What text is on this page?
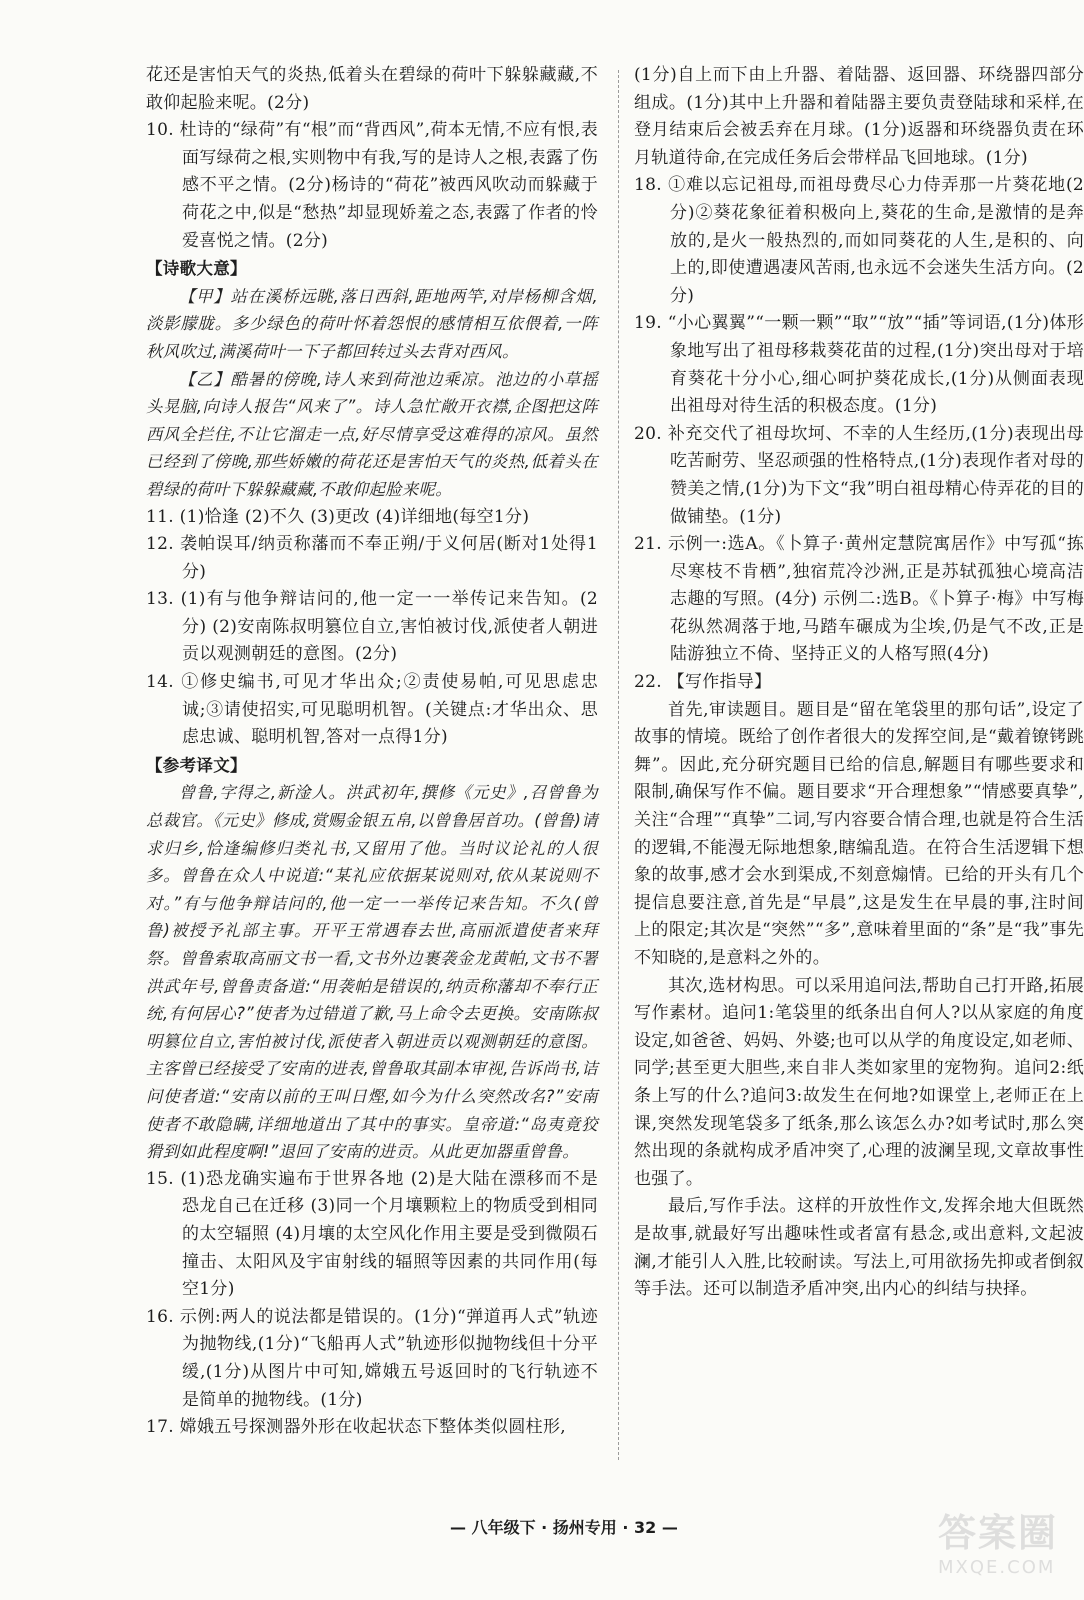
花还是害怕天气的炎热,低着头在碧绿的荷叶下躲躲藏藏,不敢仰起脸来呢。(2分)

10. 杜诗的“绿荷”有“根”而“背西风”,荷本无情,不应有恨,表面写绿荷之根,实则物中有我,写的是诗人之根,表露了伤感不平之情。(2分)杨诗的“荷花”被西风吹动而躲藏于荷花之中,似是“愁热”却显现娇羞之态,表露了作者的怜爱喜悦之情。(2分)

【诗歌大意】

【甲】站在溪桥远眺,落日西斜,距地两竿,对岸杨柳含烟,淡影朦胧。多少绿色的荷叶怀着怨恨的感情相互依偎着,一阵秋风吹过,满溪荷叶一下子都回转过头去背对西风。

【乙】酷暑的傍晚,诗人来到荷池边乘凉。池边的小草摇头晃脑,向诗人报告“风来了”。诗人急忙敞开衣襟,企图把这阵西风全拦住,不让它溜走一点,好尽情享受这难得的凉风。虽然已经到了傍晚,那些娇嫩的荷花还是害怕天气的炎热,低着头在碧绿的荷叶下躲躲藏藏,不敢仰起脸来呢。

11. (1)恰逢 (2)不久 (3)更改 (4)详细地(每空1分)

12. 袭帕误耳/纳贡称藩而不奉正朔/于义何居(断对1处得1分)

13. (1)有与他争辩诘问的,他一定一一举传记来告知。(2分) (2)安南陈叔明篡位自立,害怕被讨伐,派使者人朝进贡以观测朝廷的意图。(2分)

14. ①修史编书,可见才华出众;②责使易帕,可见思虑忠诚;③请使招实,可见聪明机智。(关键点:才华出众、思虑忠诚、聪明机智,答对一点得1分)

【参考译文】

曾鲁,字得之,新淦人。洪武初年,撰修《元史》,召曾鲁为总裁官。《元史》修成,赏赐金银五帛,以曾鲁居首功。(曾鲁)请求归乡,恰逢编修归类礼书,又留用了他。当时议论礼的人很多。曾鲁在众人中说道:“某礼应依据某说则对,依从某说则不对。”有与他争辩诘问的,他一定一一举传记来告知。不久(曾鲁)被授予礼部主事。开平王常遇春去世,高丽派遣使者来拜祭。曾鲁索取高丽文书一看,文书外边裹袭金龙黄帕,文书不署洪武年号,曾鲁责备道:“用袭帕是错误的,纳贡称藩却不奉行正统,有何居心?”使者为过错道了歉,马上命令去更换。安南陈叔明篡位自立,害怕被讨伐,派使者入朝进贡以观测朝廷的意图。主客曾已经接受了安南的进表,曾鲁取其副本审视,告诉尚书,诘问使者道:“安南以前的王叫日熞,如今为什么突然改名?”安南使者不敢隐瞒,详细地道出了其中的事实。皇帝道:“岛夷竟狡猾到如此程度啊!”退回了安南的进贡。从此更加器重曾鲁。

15. (1)恐龙确实遍布于世界各地 (2)是大陆在漂移而不是恐龙自己在迁移 (3)同一个月壤颗粒上的物质受到相同的太空辐照 (4)月壤的太空风化作用主要是受到微陨石撞击、太阳风及宇宙射线的辐照等因素的共同作用(每空1分)

16. 示例:两人的说法都是错误的。(1分)“弹道再人式”轨迹为抛物线,(1分)“飞船再人式”轨迹形似抛物线但十分平缓,(1分)从图片中可知,嫦娥五号返回时的飞行轨迹不是简单的抛物线。(1分)

17. 嫦娥五号探测器外形在收起状态下整体类似圆柱形,

(1分)自上而下由上升器、着陆器、返回器、环绕器四部分组成。(1分)其中上升器和着陆器主要负责登陆球和采样,在登月结束后会被丢弃在月球。(1分)返器和环绕器负责在环月轨道待命,在完成任务后会带样品飞回地球。(1分)

18. ①难以忘记祖母,而祖母费尽心力侍弄那一片葵花地(2分)②葵花象征着积极向上,葵花的生命,是激情的是奔放的,是火一般热烈的,而如同葵花的人生,是积的、向上的,即使遭遇凄风苦雨,也永远不会迷失生活方向。(2分)

19. “小心翼翼”“一颗一颗”“取”“放”“插”等词语,(1分)体形象地写出了祖母移栽葵花苗的过程,(1分)突出母对于培育葵花十分小心,细心呵护葵花成长,(1分)从侧面表现出祖母对待生活的积极态度。(1分)

20. 补充交代了祖母坎坷、不幸的人生经历,(1分)表现出母吃苦耐劳、坚忍顽强的性格特点,(1分)表现作者对母的赞美之情,(1分)为下文“我”明白祖母精心侍弄花的目的做铺垫。(1分)

21. 示例一:选A。《卜算子·黄州定慧院寓居作》中写孤“拣尽寒枝不肯栖”,独宿荒冷沙洲,正是苏轼孤独心境高洁志趣的写照。(4分) 示例二:选B。《卜算子·梅》中写梅花纵然凋落于地,马踏车碾成为尘埃,仍是气不改,正是陆游独立不倚、坚持正义的人格写照(4分)

22. 【写作指导】

首先,审读题目。题目是“留在笔袋里的那句话”,设定了故事的情境。既给了创作者很大的发挥空间,是“戴着镣铐跳舞”。因此,充分研究题目已给的信息,解题目有哪些要求和限制,确保写作不偏。题目要求“开合理想象”“情感要真挚”,关注“合理”“真挚”二词,写内容要合情合理,也就是符合生活的逻辑,不能漫无际地想象,瞎编乱造。在符合生活逻辑下想象的故事,感才会水到渠成,不刻意煽情。已给的开头有几个提信息要注意,首先是“早晨”,这是发生在早晨的事,注时间上的限定;其次是“突然”“多”,意味着里面的“条”是“我”事先不知晓的,是意料之外的。

其次,选材构思。可以采用追问法,帮助自己打开路,拓展写作素材。追问1:笔袋里的纸条出自何人?以从家庭的角度设定,如爸爸、妈妈、外婆;也可以从学的角度设定,如老师、同学;甚至更大胆些,来自非人类如家里的宠物狗。追问2:纸条上写的什么?追问3:故发生在何地?如课堂上,老师正在上课,突然发现笔袋多了纸条,那么该怎么办?如考试时,那么突然出现的条就构成矛盾冲突了,心理的波澜呈现,文章故事性也强了。

最后,写作手法。这样的开放性作文,发挥余地大但既然是故事,就最好写出趣味性或者富有悬念,或出意料,文起波澜,才能引人入胜,比较耐读。写法上,可用欲扬先抑或者倒叙等手法。还可以制造矛盾冲突,出内心的纠结与抉择。

— 八年级下 · 扬州专用 · 32 —	答案圈
MXQE.COM
